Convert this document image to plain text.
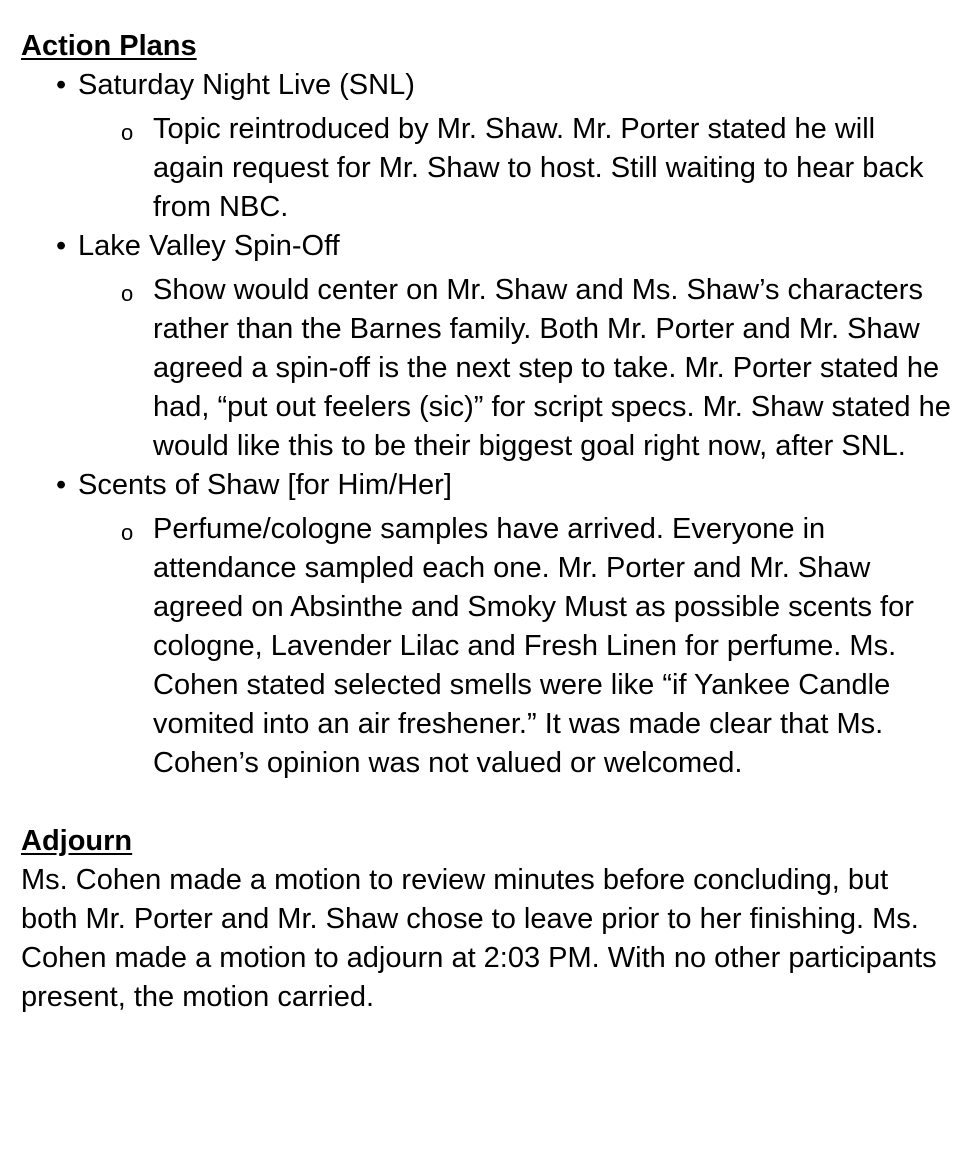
Action Plans

• Saturday Night Live (SNL)
o Topic reintroduced by Mr. Shaw. Mr. Porter stated he will again request for Mr. Shaw to host. Still waiting to hear back from NBC.
• Lake Valley Spin-Off
o Show would center on Mr. Shaw and Ms. Shaw’s characters rather than the Barnes family. Both Mr. Porter and Mr. Shaw agreed a spin-off is the next step to take. Mr. Porter stated he had, “put out feelers (sic)” for script specs. Mr. Shaw stated he would like this to be their biggest goal right now, after SNL.
• Scents of Shaw [for Him/Her]
o Perfume/cologne samples have arrived. Everyone in attendance sampled each one. Mr. Porter and Mr. Shaw agreed on Absinthe and Smoky Must as possible scents for cologne, Lavender Lilac and Fresh Linen for perfume. Ms. Cohen stated selected smells were like “if Yankee Candle vomited into an air freshener.” It was made clear that Ms. Cohen’s opinion was not valued or welcomed.

Adjourn

Ms. Cohen made a motion to review minutes before concluding, but both Mr. Porter and Mr. Shaw chose to leave prior to her finishing. Ms. Cohen made a motion to adjourn at 2:03 PM. With no other participants present, the motion carried.
